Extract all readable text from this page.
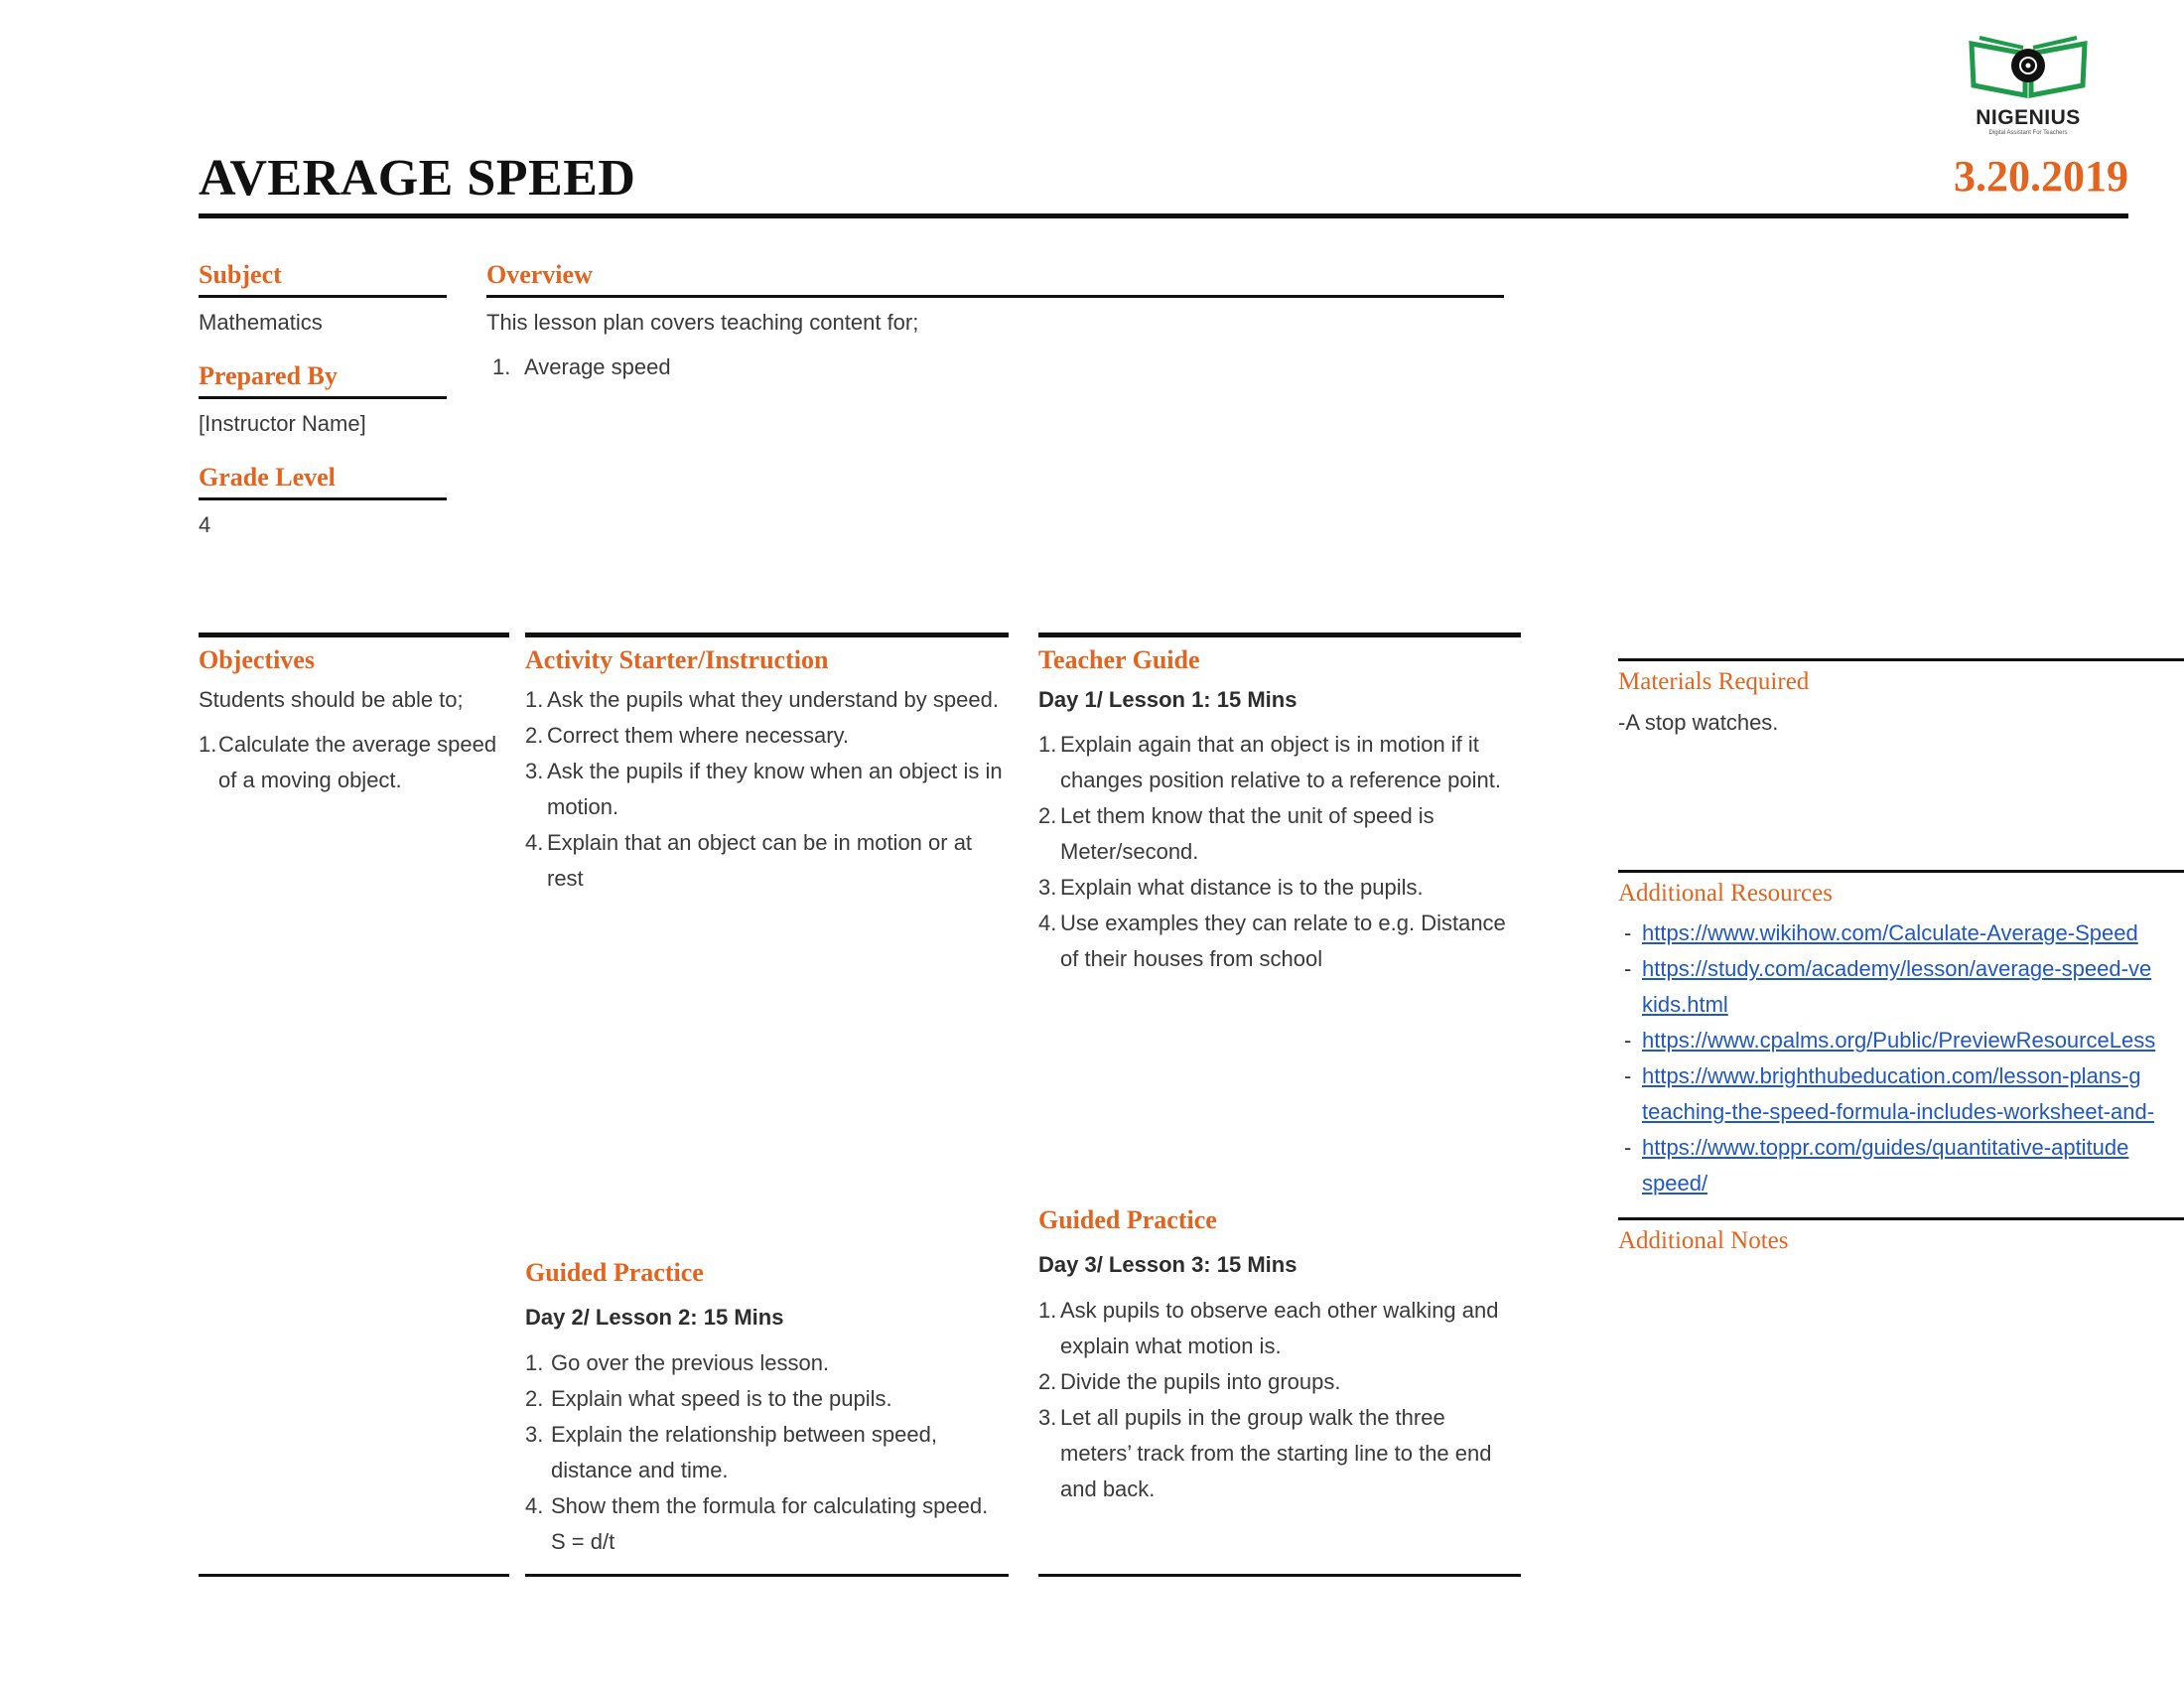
NIGENIUS
Digital Assistant For Teachers
AVERAGE SPEED	3.20.2019
Subject
Mathematics
Prepared By
[Instructor Name]
Grade Level
4
Overview
This lesson plan covers teaching content for;
1. Average speed
Objectives
Students should be able to;
1. Calculate the average speed of a moving object.
Activity Starter/Instruction
1. Ask the pupils what they understand by speed.
2. Correct them where necessary.
3. Ask the pupils if they know when an object is in motion.
4. Explain that an object can be in motion or at rest
Teacher Guide
Day 1/ Lesson 1: 15 Mins
1. Explain again that an object is in motion if it changes position relative to a reference point.
2. Let them know that the unit of speed is Meter/second.
3. Explain what distance is to the pupils.
4. Use examples they can relate to e.g. Distance of their houses from school
Guided Practice
Day 2/ Lesson 2: 15 Mins
1. Go over the previous lesson.
2. Explain what speed is to the pupils.
3. Explain the relationship between speed, distance and time.
4. Show them the formula for calculating speed. S = d/t
Guided Practice
Day 3/ Lesson 3: 15 Mins
1. Ask pupils to observe each other walking and explain what motion is.
2. Divide the pupils into groups.
3. Let all pupils in the group walk the three meters’ track from the starting line to the end and back.
Materials Required
-A stop watches.
Additional Resources
- https://www.wikihow.com/Calculate-Average-Speed
- https://study.com/academy/lesson/average-speed-ve
kids.html
- https://www.cpalms.org/Public/PreviewResourceLess
- https://www.brighthubeducation.com/lesson-plans-g
teaching-the-speed-formula-includes-worksheet-and-
- https://www.toppr.com/guides/quantitative-aptitude
speed/
Additional Notes
